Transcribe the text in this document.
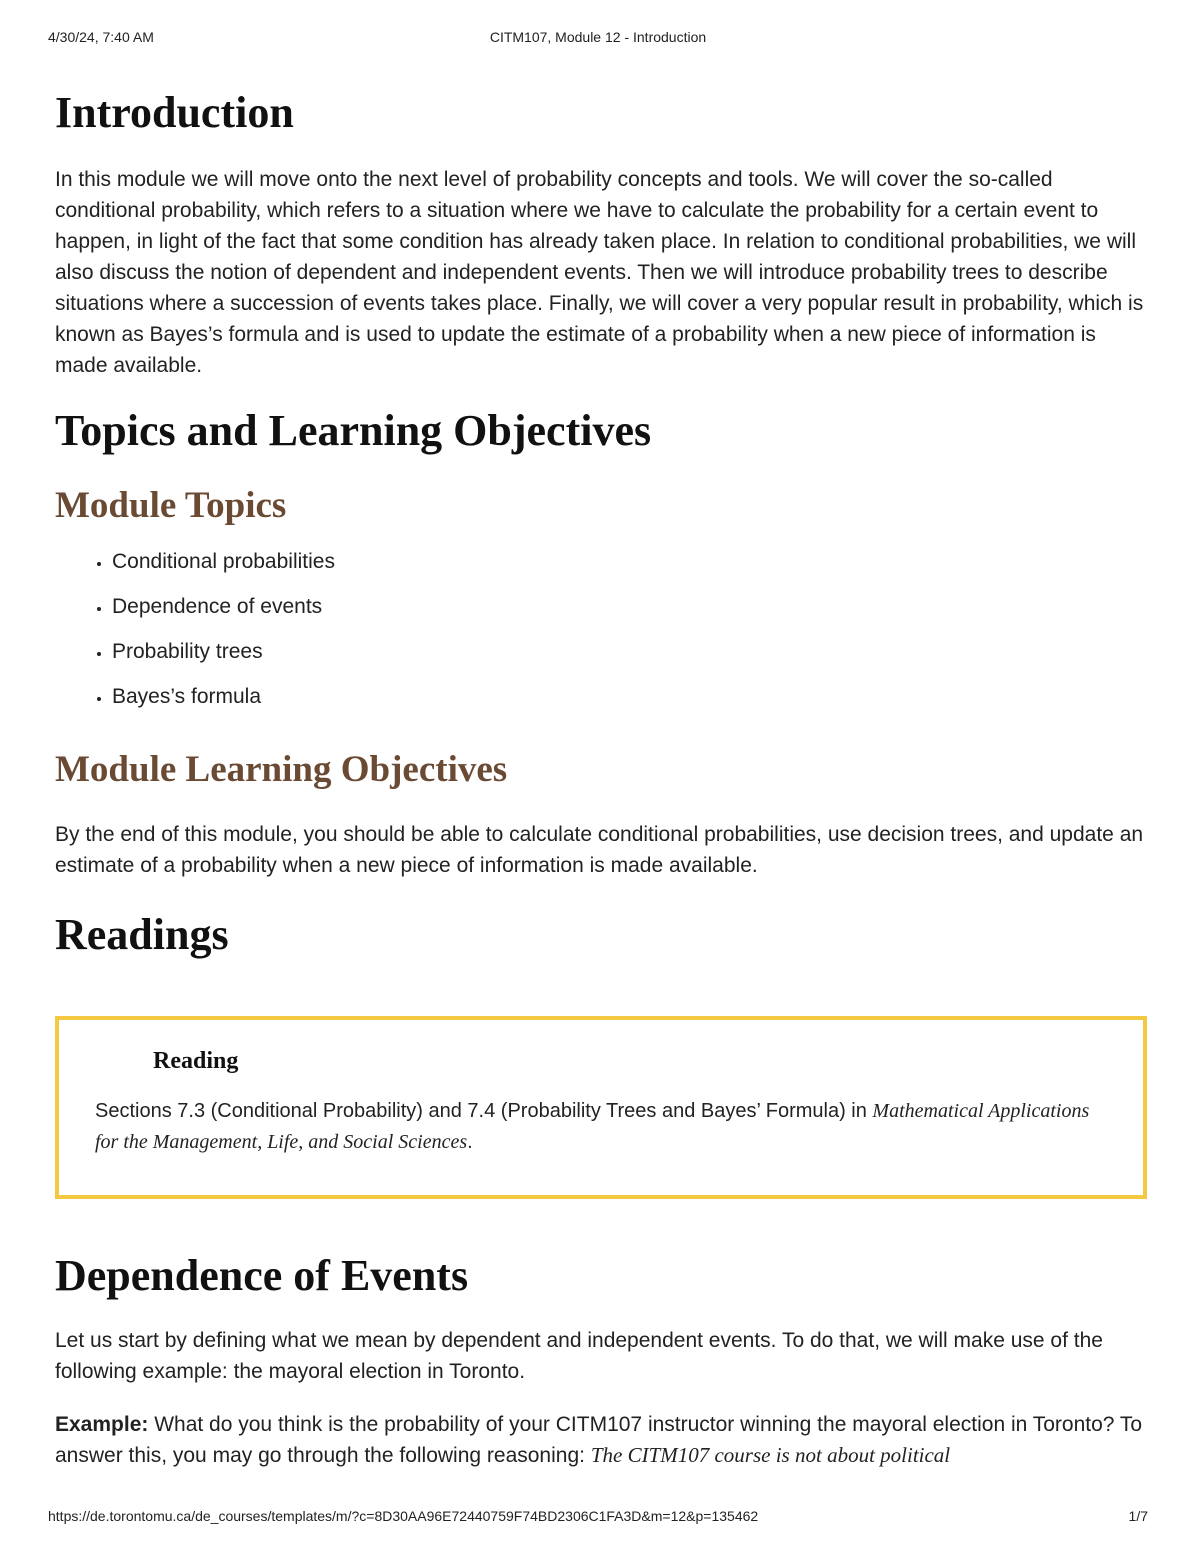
4/30/24, 7:40 AM	CITM107, Module 12 - Introduction
Introduction

In this module we will move onto the next level of probability concepts and tools. We will cover the so-called conditional probability, which refers to a situation where we have to calculate the probability for a certain event to happen, in light of the fact that some condition has already taken place. In relation to conditional probabilities, we will also discuss the notion of dependent and independent events. Then we will introduce probability trees to describe situations where a succession of events takes place. Finally, we will cover a very popular result in probability, which is known as Bayes’s formula and is used to update the estimate of a probability when a new piece of information is made available.

Topics and Learning Objectives
Module Topics
• Conditional probabilities
• Dependence of events
• Probability trees
• Bayes’s formula
Module Learning Objectives

By the end of this module, you should be able to calculate conditional probabilities, use decision trees, and update an estimate of a probability when a new piece of information is made available.

Readings
Reading

Sections 7.3 (Conditional Probability) and 7.4 (Probability Trees and Bayes’ Formula) in Mathematical Applications for the Management, Life, and Social Sciences.

Dependence of Events

Let us start by defining what we mean by dependent and independent events. To do that, we will make use of the following example: the mayoral election in Toronto.

Example: What do you think is the probability of your CITM107 instructor winning the mayoral election in Toronto? To answer this, you may go through the following reasoning: The CITM107 course is not about political

https://de.torontomu.ca/de_courses/templates/m/?c=8D30AA96E72440759F74BD2306C1FA3D&m=12&p=135462	1/7
